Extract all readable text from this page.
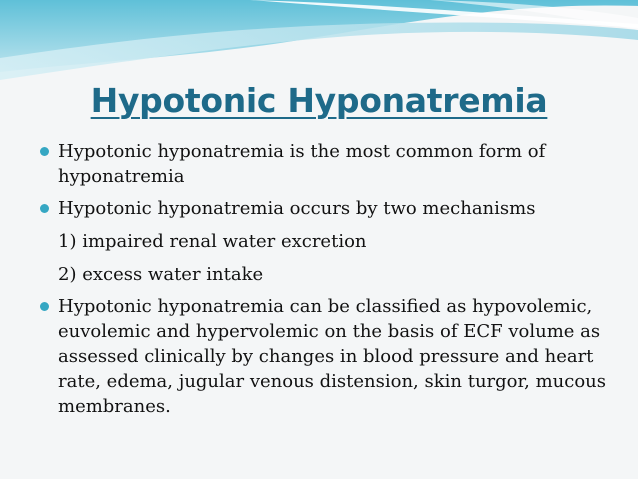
Hypotonic Hyponatremia
Hypotonic hyponatremia is the most common form of hyponatremia
Hypotonic hyponatremia occurs by two mechanisms
1) impaired renal water excretion
2) excess water intake
Hypotonic hyponatremia can be classified as hypovolemic, euvolemic and hypervolemic on the basis of ECF volume as assessed clinically by changes in blood pressure and heart rate, edema, jugular venous distension, skin turgor, mucous membranes.
